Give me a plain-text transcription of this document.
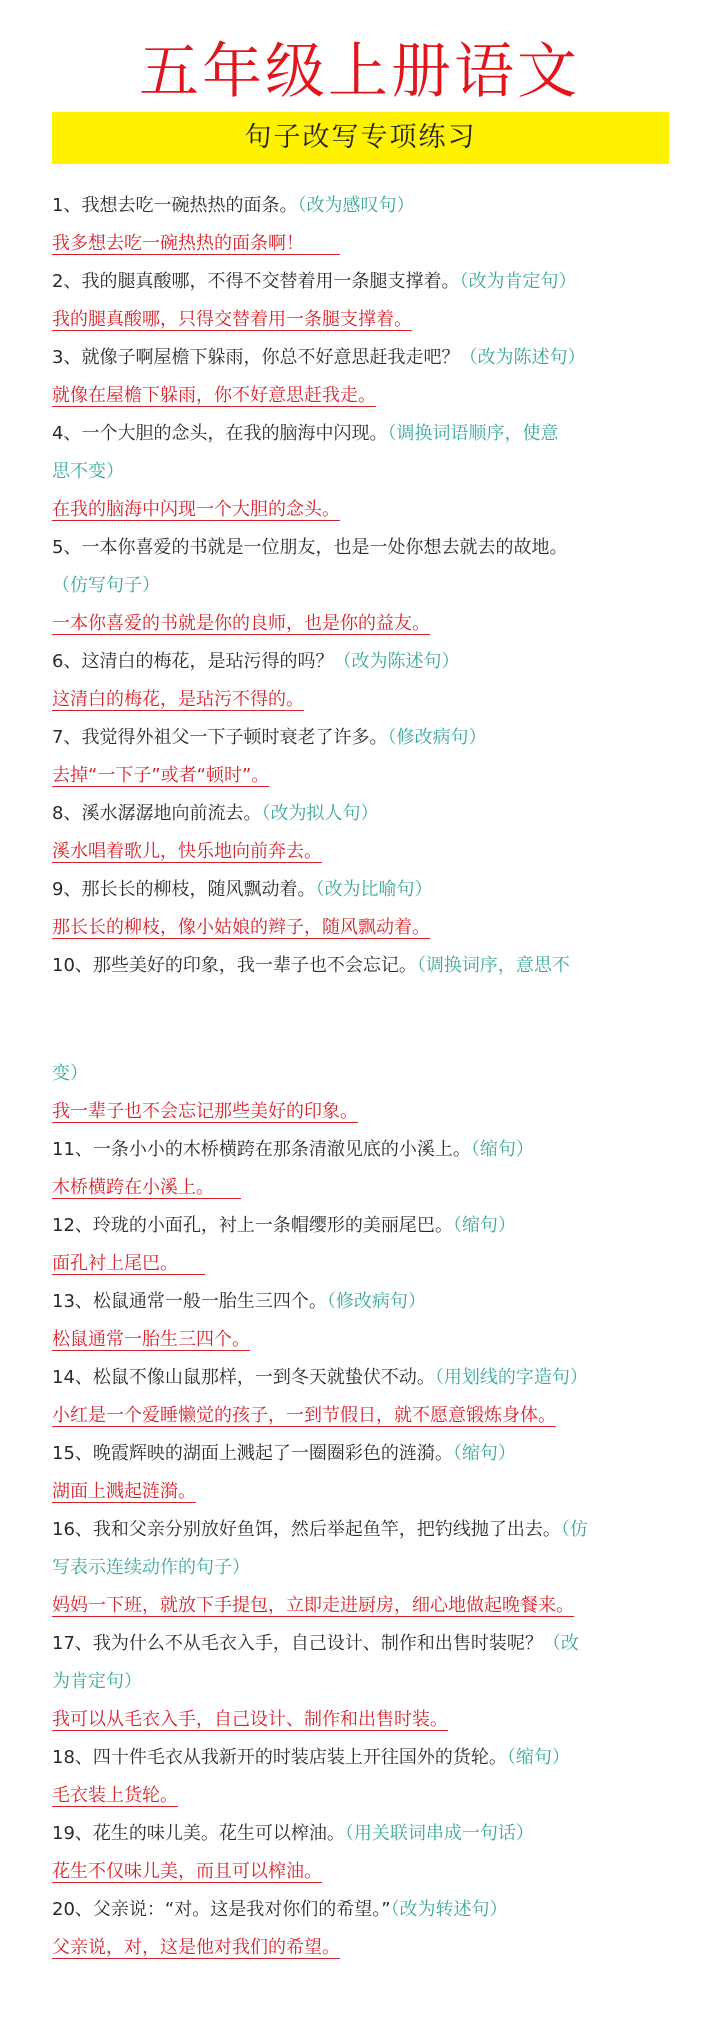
五年级上册语文
句子改写专项练习
1、我想去吃一碗热热的面条。（改为感叹句）
我多想去吃一碗热热的面条啊！
2、我的腿真酸哪，不得不交替着用一条腿支撑着。（改为肯定句）
我的腿真酸哪，只得交替着用一条腿支撑着。
3、就像子啊屋檐下躲雨，你总不好意思赶我走吧？（改为陈述句）
就像在屋檐下躲雨，你不好意思赶我走。
4、一个大胆的念头，在我的脑海中闪现。（调换词语顺序，使意
思不变）
在我的脑海中闪现一个大胆的念头。
5、一本你喜爱的书就是一位朋友，也是一处你想去就去的故地。
（仿写句子）
一本你喜爱的书就是你的良师，也是你的益友。
6、这清白的梅花，是玷污得的吗？（改为陈述句）
这清白的梅花，是玷污不得的。
7、我觉得外祖父一下子顿时衰老了许多。（修改病句）
去掉“一下子”或者“顿时”。
8、溪水潺潺地向前流去。（改为拟人句）
溪水唱着歌儿，快乐地向前奔去。
9、那长长的柳枝，随风飘动着。（改为比喻句）
那长长的柳枝，像小姑娘的辫子，随风飘动着。
10、那些美好的印象，我一辈子也不会忘记。（调换词序，意思不
变）
我一辈子也不会忘记那些美好的印象。
11、一条小小的木桥横跨在那条清澈见底的小溪上。（缩句）
木桥横跨在小溪上。
12、玲珑的小面孔，衬上一条帽缨形的美丽尾巴。（缩句）
面孔衬上尾巴。
13、松鼠通常一般一胎生三四个。（修改病句）
松鼠通常一胎生三四个。
14、松鼠不像山鼠那样，一到冬天就蛰伏不动。（用划线的字造句）
小红是一个爱睡懒觉的孩子，一到节假日，就不愿意锻炼身体。
15、晚霞辉映的湖面上溅起了一圈圈彩色的涟漪。（缩句）
湖面上溅起涟漪。
16、我和父亲分别放好鱼饵，然后举起鱼竿，把钓线抛了出去。（仿
写表示连续动作的句子）
妈妈一下班，就放下手提包，立即走进厨房，细心地做起晚餐来。
17、我为什么不从毛衣入手，自己设计、制作和出售时装呢？（改
为肯定句）
我可以从毛衣入手，自己设计、制作和出售时装。
18、四十件毛衣从我新开的时装店装上开往国外的货轮。（缩句）
毛衣装上货轮。
19、花生的味儿美。花生可以榨油。（用关联词串成一句话）
花生不仅味儿美，而且可以榨油。
20、父亲说：“对。这是我对你们的希望。”（改为转述句）
父亲说，对，这是他对我们的希望。
